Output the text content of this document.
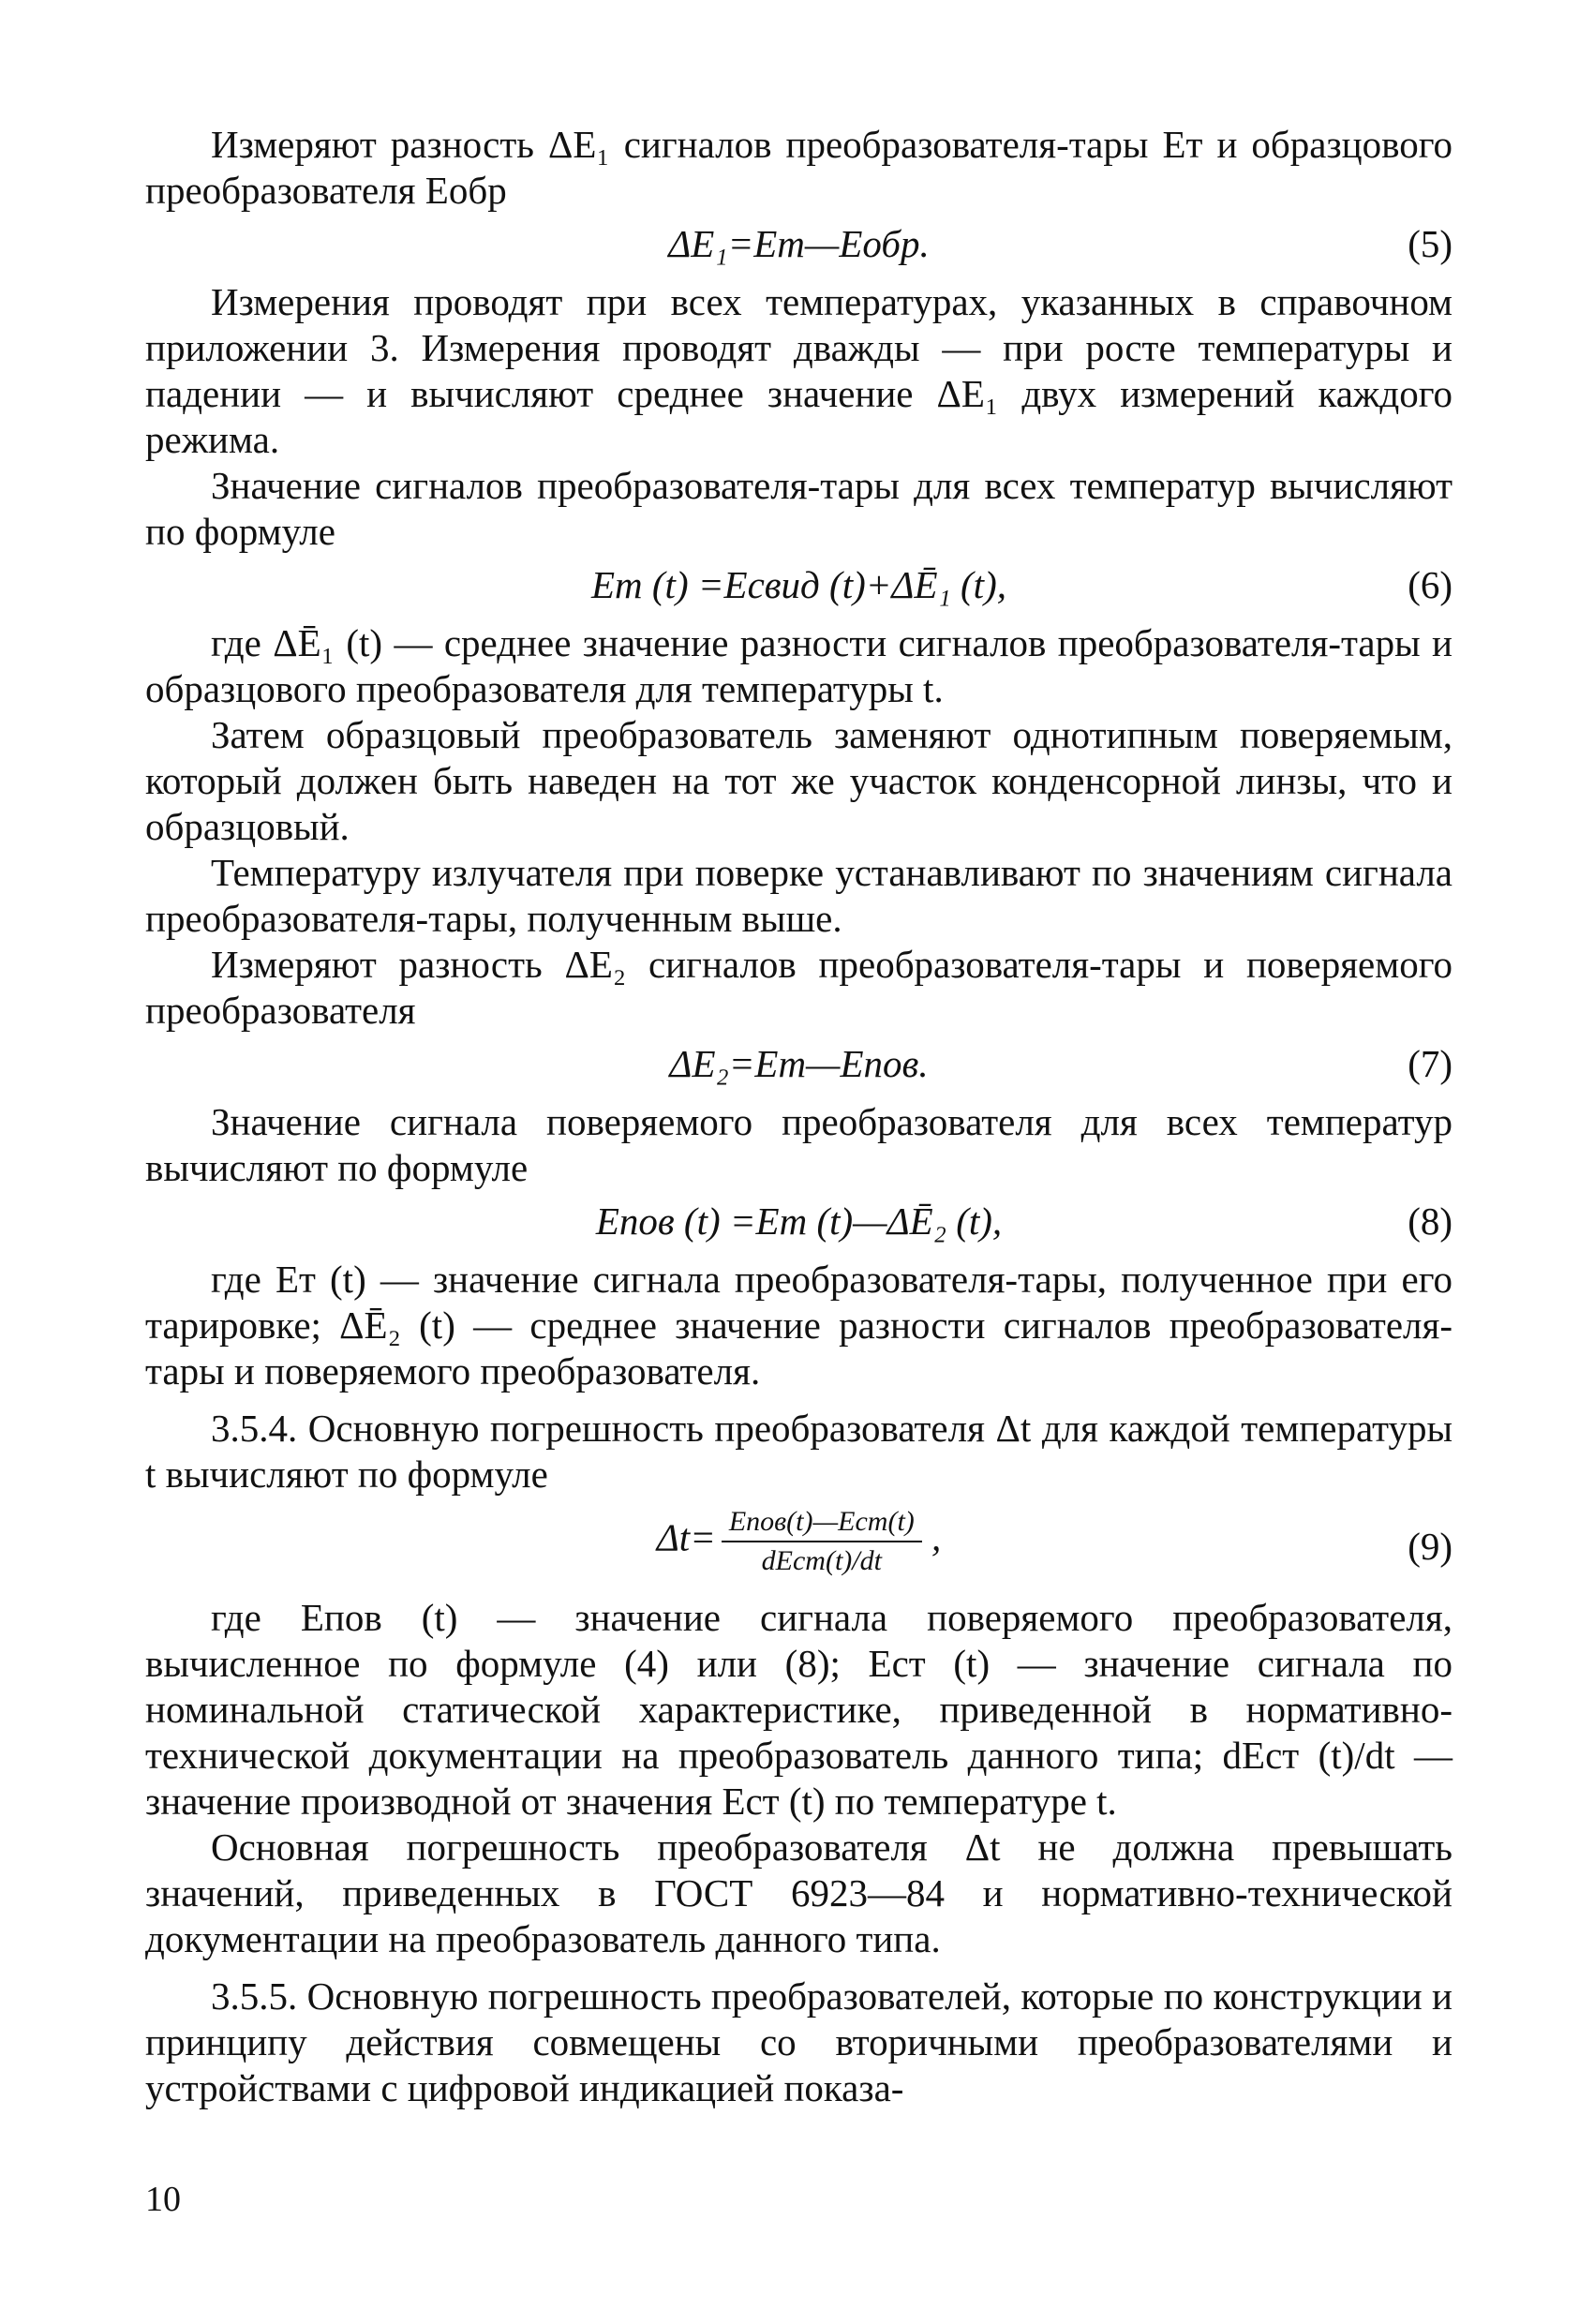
Измеряют разность ΔE₁ сигналов преобразователя-тары Eт и образцового преобразователя Eобр

ΔE₁=Eт—Eобр.	(5)

Измерения проводят при всех температурах, указанных в справочном приложении 3. Измерения проводят дважды — при росте температуры и падении — и вычисляют среднее значение ΔE₁ двух измерений каждого режима.

Значение сигналов преобразователя-тары для всех температур вычисляют по формуле

Eт (t) =Eсвид (t)+ΔĒ₁ (t),	(6)

где ΔĒ₁ (t) — среднее значение разности сигналов преобразователя-тары и образцового преобразователя для температуры t.

Затем образцовый преобразователь заменяют однотипным поверяемым, который должен быть наведен на тот же участок конденсорной линзы, что и образцовый.

Температуру излучателя при поверке устанавливают по значениям сигнала преобразователя-тары, полученным выше.

Измеряют разность ΔE₂ сигналов преобразователя-тары и поверяемого преобразователя

ΔE₂=Eт—Eпов.	(7)

Значение сигнала поверяемого преобразователя для всех температур вычисляют по формуле

Eпов (t) =Eт (t)—ΔĒ₂ (t),	(8)

где Eт (t) — значение сигнала преобразователя-тары, полученное при его тарировке; ΔĒ₂ (t) — среднее значение разности сигналов преобразователя-тары и поверяемого преобразователя.

3.5.4. Основную погрешность преобразователя Δt для каждой температуры t вычисляют по формуле

$\Delta t= \frac{\text{Eпов(t)—Eст(t)}}{\text{dEст(t)/dt}}$ ,	(9)

где Eпов (t) — значение сигнала поверяемого преобразователя, вычисленное по формуле (4) или (8); Eст (t) — значение сигнала по номинальной статической характеристике, приведенной в нормативно-технической документации на преобразователь данного типа; dEст (t)/dt — значение производной от значения Eст (t) по температуре t.

Основная погрешность преобразователя Δt не должна превышать значений, приведенных в ГОСТ 6923—84 и нормативно-технической документации на преобразователь данного типа.

3.5.5. Основную погрешность преобразователей, которые по конструкции и принципу действия совмещены со вторичными преобразователями и устройствами с цифровой индикацией показа-

10
